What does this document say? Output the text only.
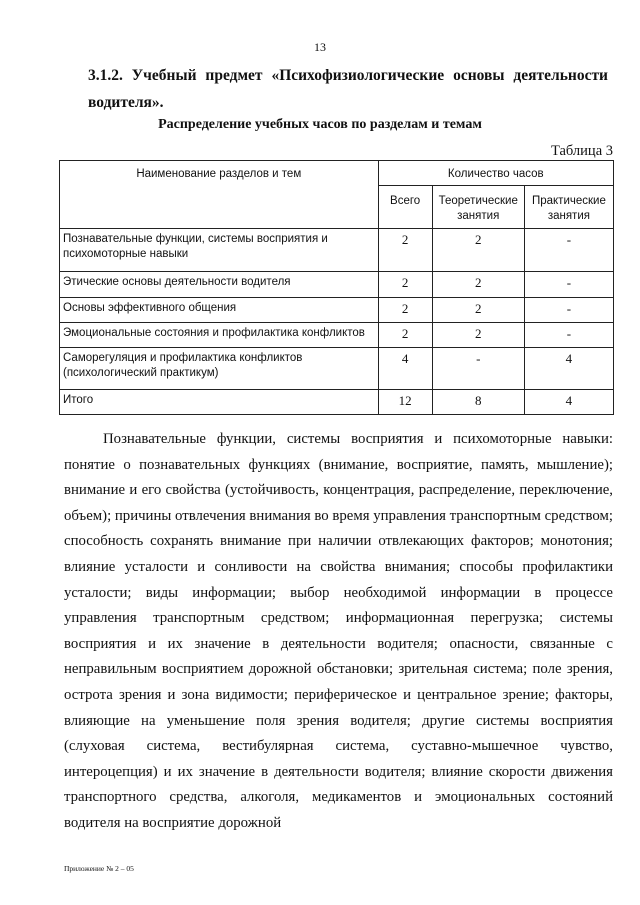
13
3.1.2. Учебный предмет «Психофизиологические основы деятельности
водителя».
Распределение учебных часов по разделам и темам
Таблица 3
Наименование разделов и тем	Количество часов		
	Всего	Теоретические занятия	Практические занятия
Познавательные функции, системы восприятия и психомоторные навыки	2	2	-
Этические основы деятельности водителя	2	2	-
Основы эффективного общения	2	2	-
Эмоциональные состояния и профилактика конфликтов	2	2	-
Саморегуляция и профилактика конфликтов (психологический практикум)	4	-	4
Итого	12	8	4
Познавательные функции, системы восприятия и психомоторные навыки: понятие о познавательных функциях (внимание, восприятие, память, мышление); внимание и его свойства (устойчивость, концентрация, распределение, переключение, объем); причины отвлечения внимания во время управления транспортным средством; способность сохранять внимание при наличии отвлекающих факторов; монотония; влияние усталости и сонливости на свойства внимания; способы профилактики усталости; виды информации; выбор необходимой информации в процессе управления транспортным средством; информационная перегрузка; системы восприятия и их значение в деятельности водителя; опасности, связанные с неправильным восприятием дорожной обстановки; зрительная система; поле зрения, острота зрения и зона видимости; периферическое и центральное зрение; факторы, влияющие на уменьшение поля зрения водителя; другие системы восприятия (слуховая система, вестибулярная система, суставно-мышечное чувство, интероцепция) и их значение в деятельности водителя; влияние скорости движения транспортного средства, алкоголя, медикаментов и эмоциональных состояний водителя на восприятие дорожной
Приложение № 2 – 05
